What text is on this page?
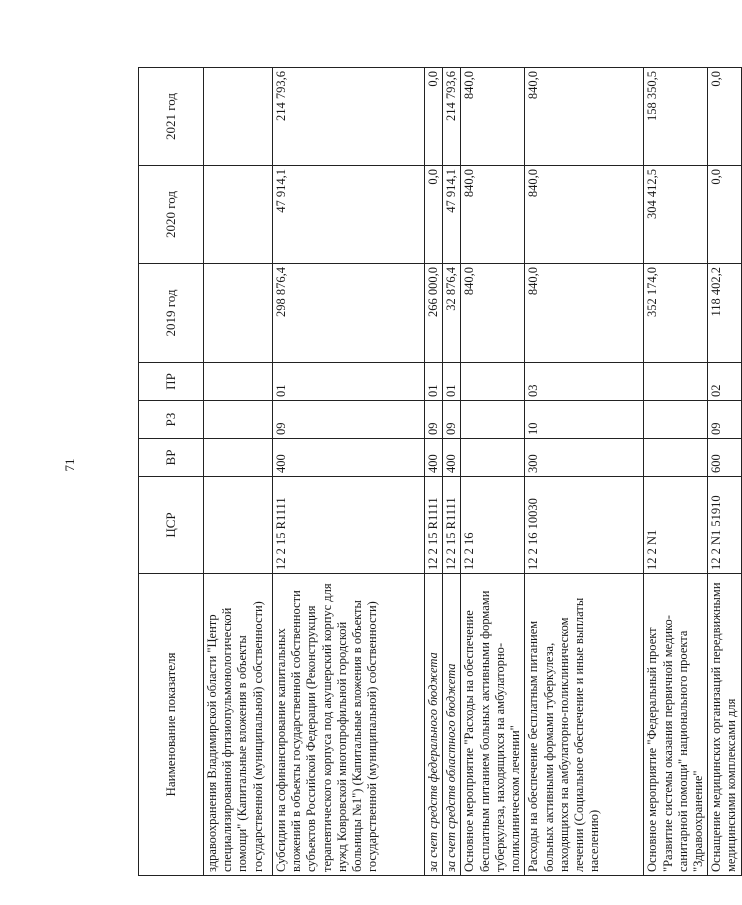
71
Наименование показателя	ЦСР	ВР	РЗ	ПР	2019 год	2020 год	2021 год
здравоохранения Владимирской области "Центр специализированной фтизиопульмонологической помощи" (Капитальные вложения в объекты государственной (муниципальной) собственности)							
Субсидии на софинансирование капитальных вложений в объекты государственной собственности субъектов Российской Федерации (Реконструкция терапевтического корпуса под акушерский корпус для нужд Ковровской многопрофильной городской больницы №1") (Капитальные вложения в объекты государственной (муниципальной) собственности)	12 2 15 R1111	400	09	01	298 876,4	47 914,1	214 793,6
за счет средств федерального бюджета	12 2 15 R1111	400	09	01	266 000,0	0,0	0,0
за счет средств областного бюджета	12 2 15 R1111	400	09	01	32 876,4	47 914,1	214 793,6
Основное мероприятие "Расходы на обеспечение бесплатным питанием больных активными формами туберкулеза, находящихся на амбулаторно-поликлиническом лечении"	12 2 16				840,0	840,0	840,0
Расходы на обеспечение бесплатным питанием больных активными формами туберкулеза, находящихся на амбулаторно-поликлиническом лечении (Социальное обеспечение и иные выплаты населению)	12 2 16 10030	300	10	03	840,0	840,0	840,0
Основное мероприятие "Федеральный проект "Развитие системы оказания первичной медико-санитарной помощи" национального проекта "Здравоохранение"	12 2 N1				352 174,0	304 412,5	158 350,5
Оснащение медицинских организаций передвижными медицинскими комплексами для	12 2 N1 51910	600	09	02	118 402,2	0,0	0,0
